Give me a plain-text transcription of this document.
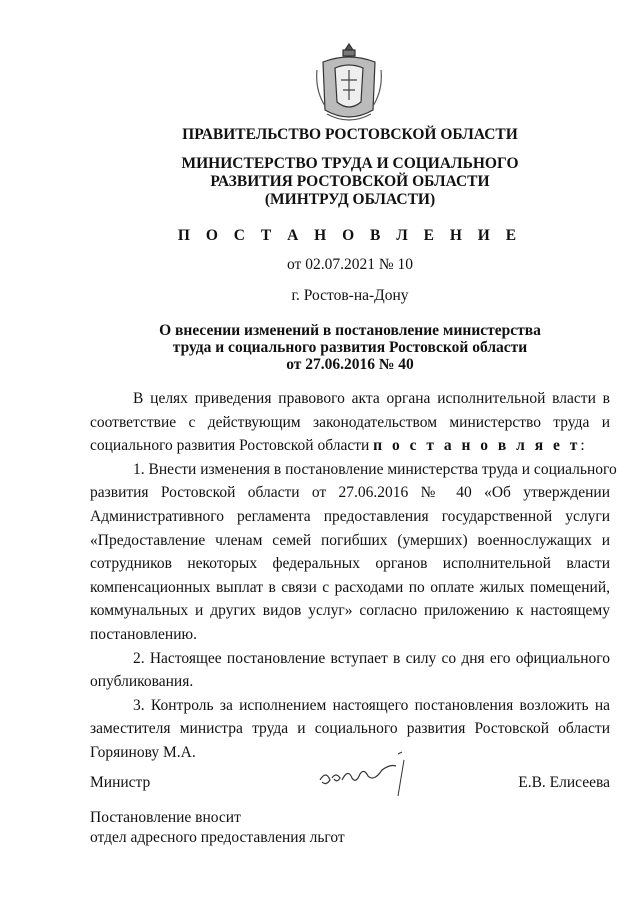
ПРАВИТЕЛЬСТВО РОСТОВСКОЙ ОБЛАСТИ
МИНИСТЕРСТВО ТРУДА И СОЦИАЛЬНОГО
РАЗВИТИЯ РОСТОВСКОЙ ОБЛАСТИ
(МИНТРУД ОБЛАСТИ)
П О С Т А Н О В Л Е Н И Е
от 02.07.2021 № 10
г. Ростов-на-Дону
О внесении изменений в постановление министерства
труда и социального развития Ростовской области
от 27.06.2016 № 40
В целях приведения правового акта органа исполнительной власти в
соответствие с действующим законодательством министерство труда и
социального развития Ростовской области п о с т а н о в л я е т:
1. Внести изменения в постановление министерства труда и социального
развития Ростовской области от 27.06.2016 № 40 «Об утверждении
Административного регламента предоставления государственной услуги
«Предоставление членам семей погибших (умерших) военнослужащих и
сотрудников некоторых федеральных органов исполнительной власти
компенсационных выплат в связи с расходами по оплате жилых помещений,
коммунальных и других видов услуг» согласно приложению к настоящему
постановлению.
2. Настоящее постановление вступает в силу со дня его официального
опубликования.
3. Контроль за исполнением настоящего постановления возложить на
заместителя министра труда и социального развития Ростовской области
Горяинову М.А.
Министр	Е.В. Елисеева
Постановление вносит
отдел адресного предоставления льгот
